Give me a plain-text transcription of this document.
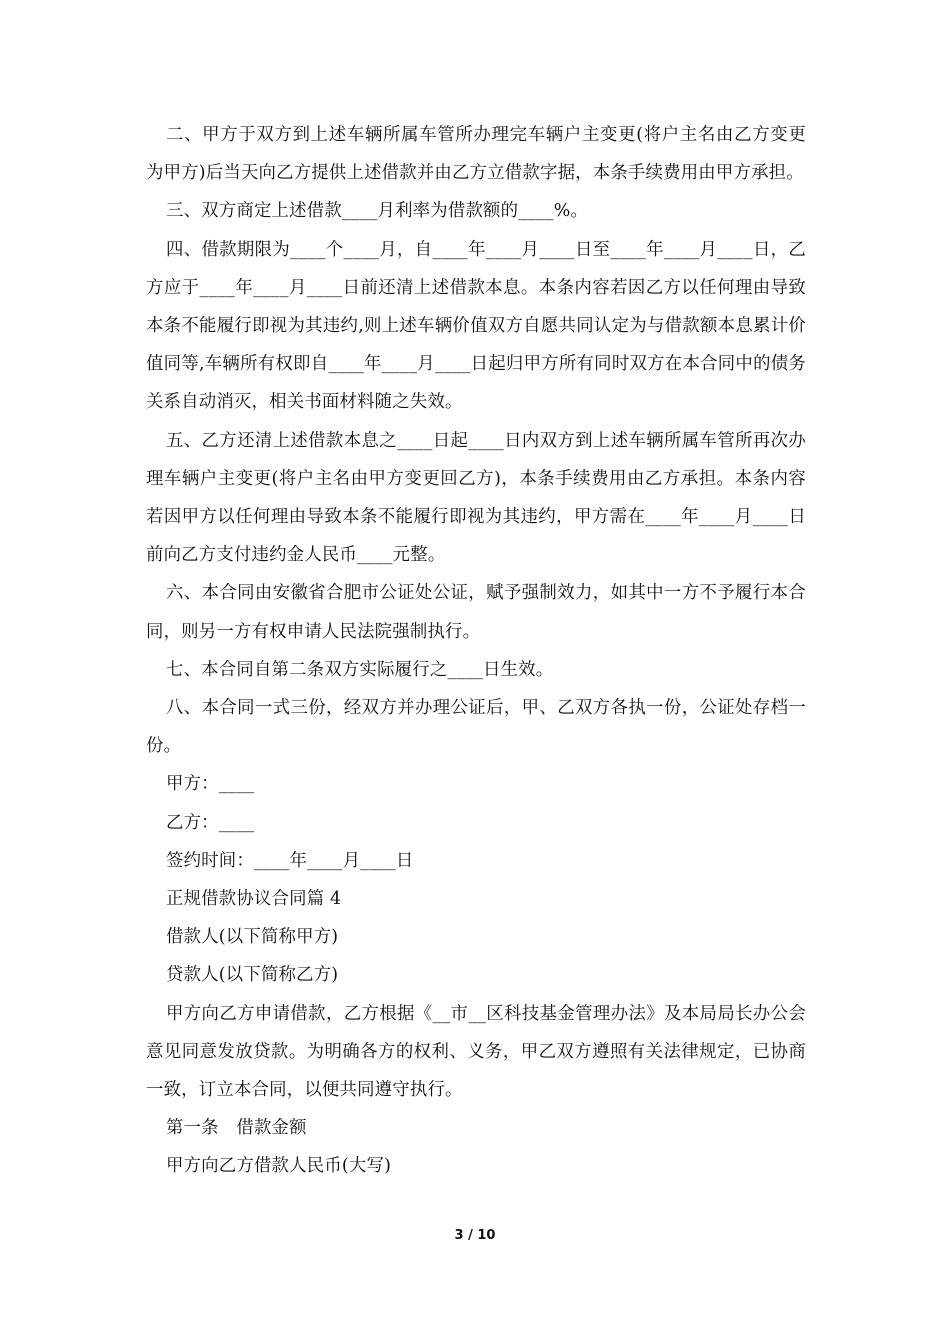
二、甲方于双方到上述车辆所属车管所办理完车辆户主变更(将户主名由乙方变更为甲方)后当天向乙方提供上述借款并由乙方立借款字据，本条手续费用由甲方承担。

三、双方商定上述借款____月利率为借款额的____%。

四、借款期限为____个____月，自____年____月____日至____年____月____日，乙方应于____年____月____日前还清上述借款本息。本条内容若因乙方以任何理由导致本条不能履行即视为其违约,则上述车辆价值双方自愿共同认定为与借款额本息累计价值同等,车辆所有权即自____年____月____日起归甲方所有同时双方在本合同中的债务关系自动消灭，相关书面材料随之失效。

五、乙方还清上述借款本息之____日起____日内双方到上述车辆所属车管所再次办理车辆户主变更(将户主名由甲方变更回乙方)，本条手续费用由乙方承担。本条内容若因甲方以任何理由导致本条不能履行即视为其违约，甲方需在____年____月____日前向乙方支付违约金人民币____元整。

六、本合同由安徽省合肥市公证处公证，赋予强制效力，如其中一方不予履行本合同，则另一方有权申请人民法院强制执行。

七、本合同自第二条双方实际履行之____日生效。

八、本合同一式三份，经双方并办理公证后，甲、乙双方各执一份，公证处存档一份。

甲方：____

乙方：____

签约时间：____年____月____日

正规借款协议合同篇 4

借款人(以下简称甲方)

贷款人(以下简称乙方)

甲方向乙方申请借款，乙方根据《__市__区科技基金管理办法》及本局局长办公会意见同意发放贷款。为明确各方的权利、义务，甲乙双方遵照有关法律规定，已协商一致，订立本合同，以便共同遵守执行。

第一条　借款金额

甲方向乙方借款人民币(大写)

3 / 10
